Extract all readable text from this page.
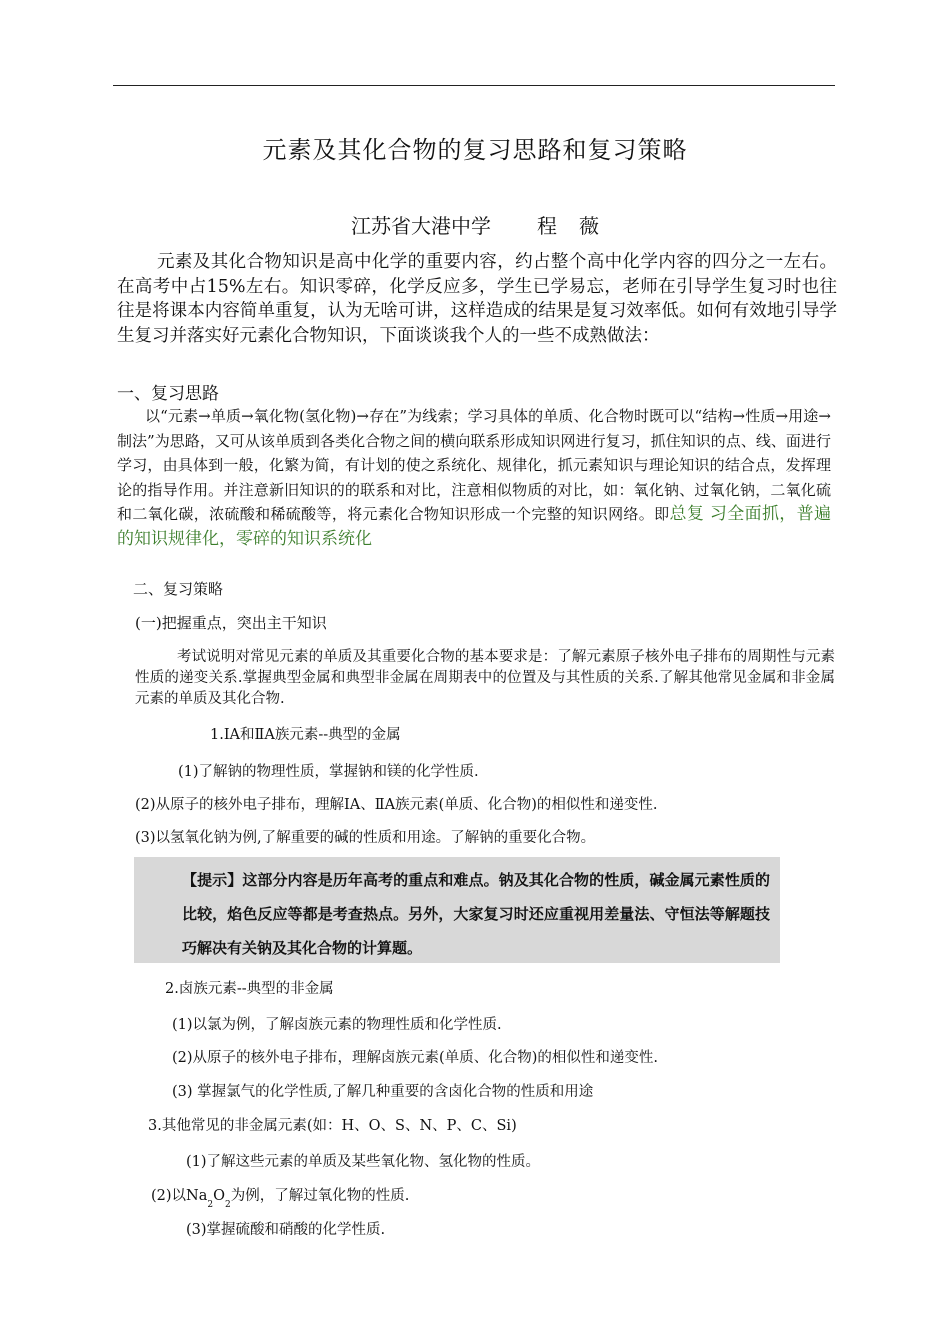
元素及其化合物的复习思路和复习策略
江苏省大港中学 程 薇
元素及其化合物知识是高中化学的重要内容，约占整个高中化学内容的四分之一左右。在高考中占15%左右。知识零碎，化学反应多，学生已学易忘，老师在引导学生复习时也往往是将课本内容简单重复，认为无啥可讲，这样造成的结果是复习效率低。如何有效地引导学生复习并落实好元素化合物知识，下面谈谈我个人的一些不成熟做法：
一、复习思路
以“元素→单质→氧化物(氢化物)→存在”为线索；学习具体的单质、化合物时既可以“结构→性质→用途→制法”为思路，又可从该单质到各类化合物之间的横向联系形成知识网进行复习，抓住知识的点、线、面进行学习，由具体到一般，化繁为简，有计划的使之系统化、规律化，抓元素知识与理论知识的结合点，发挥理论的指导作用。并注意新旧知识的的联系和对比，注意相似物质的对比，如：氧化钠、过氧化钠，二氧化硫和二氧化碳，浓硫酸和稀硫酸等，将元素化合物知识形成一个完整的知识网络。即总复 习全面抓，普遍的知识规律化，零碎的知识系统化
二、复习策略
(一)把握重点，突出主干知识
考试说明对常见元素的单质及其重要化合物的基本要求是：了解元素原子核外电子排布的周期性与元素性质的递变关系.掌握典型金属和典型非金属在周期表中的位置及与其性质的关系.了解其他常见金属和非金属元素的单质及其化合物.
1.ⅠA和ⅡA族元素--典型的金属
(1)了解钠的物理性质，掌握钠和镁的化学性质.
(2)从原子的核外电子排布，理解ⅠA、ⅡA族元素(单质、化合物)的相似性和递变性.
(3)以氢氧化钠为例,了解重要的碱的性质和用途。了解钠的重要化合物。
【提示】这部分内容是历年高考的重点和难点。钠及其化合物的性质，碱金属元素性质的比较，焰色反应等都是考查热点。另外，大家复习时还应重视用差量法、守恒法等解题技巧解决有关钠及其化合物的计算题。
2.卤族元素--典型的非金属
(1)以氯为例，了解卤族元素的物理性质和化学性质.
(2)从原子的核外电子排布，理解卤族元素(单质、化合物)的相似性和递变性.
(3) 掌握氯气的化学性质,了解几种重要的含卤化合物的性质和用途
3.其他常见的非金属元素(如：H、O、S、N、P、C、Si)
(1)了解这些元素的单质及某些氧化物、氢化物的性质。
(2)以$Na_2O_2$为例，了解过氧化物的性质.
(3)掌握硫酸和硝酸的化学性质.
